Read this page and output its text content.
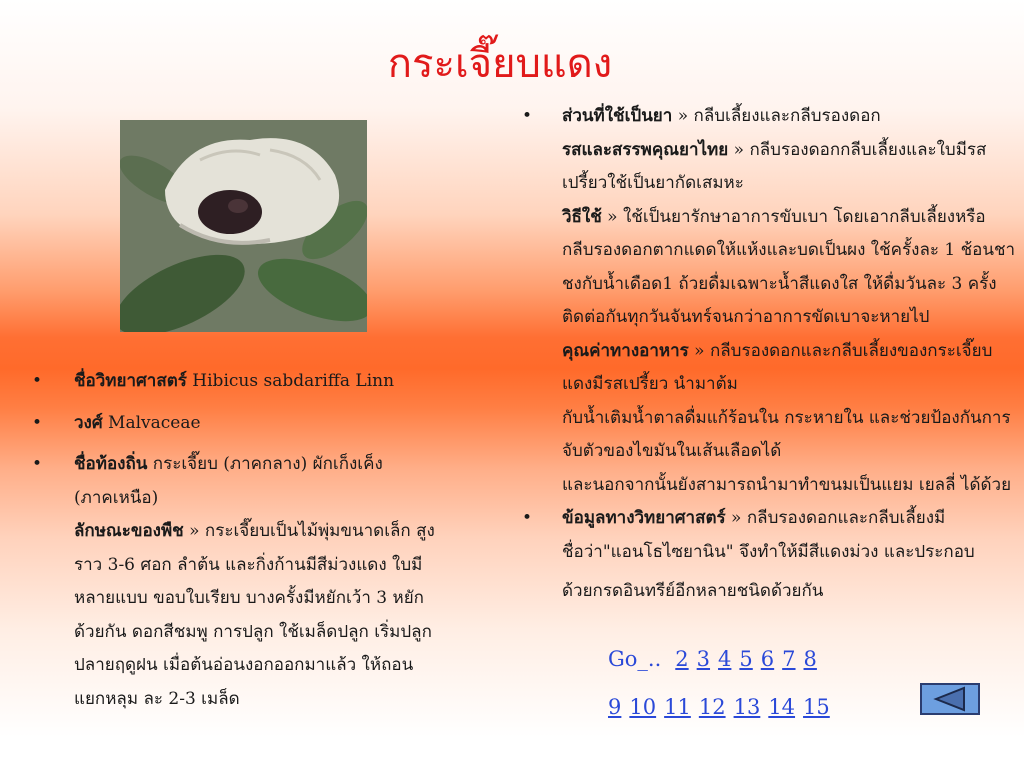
กระเจี๊ยบแดง
• ชื่อวิทยาศาสตร์ Hibicus sabdariffa Linn
• วงศ์ Malvaceae
• ชื่อท้องถิ่น กระเจี๊ยบ (ภาคกลาง) ผักเก็งเค็ง
(ภาคเหนือ)
ลักษณะของพืช » กระเจี๊ยบเป็นไม้พุ่มขนาดเล็ก สูง
ราว 3-6 ศอก ลำต้น และกิ่งก้านมีสีม่วงแดง ใบมี
หลายแบบ ขอบใบเรียบ บางครั้งมีหยักเว้า 3 หยัก
ด้วยกัน ดอกสีชมพู การปลูก ใช้เมล็ดปลูก เริ่มปลูก
ปลายฤดูฝน เมื่อต้นอ่อนงอกออกมาแล้ว ให้ถอน
แยกหลุม ละ 2-3 เมล็ด
• ส่วนที่ใช้เป็นยา » กลีบเลี้ยงและกลีบรองดอก
รสและสรรพคุณยาไทย » กลีบรองดอกกลีบเลี้ยงและใบมีรส
เปรี้ยวใช้เป็นยากัดเสมหะ
วิธีใช้ » ใช้เป็นยารักษาอาการขับเบา โดยเอากลีบเลี้ยงหรือ
กลีบรองดอกตากแดดให้แห้งและบดเป็นผง ใช้ครั้งละ 1 ช้อนชา
ชงกับน้ำเดือด1 ถ้วยดื่มเฉพาะน้ำสีแดงใส ให้ดื่มวันละ 3 ครั้ง
ติดต่อกันทุกวันจันทร์จนกว่าอาการขัดเบาจะหายไป
คุณค่าทางอาหาร » กลีบรองดอกและกลีบเลี้ยงของกระเจี๊ยบ
แดงมีรสเปรี้ยว นำมาต้ม
กับน้ำเติมน้ำตาลดื่มแก้ร้อนใน กระหายใน และช่วยป้องกันการ
จับตัวของไขมันในเส้นเลือดได้
และนอกจากนั้นยังสามารถนำมาทำขนมเป็นแยม เยลลี่ ได้ด้วย
• ข้อมูลทางวิทยาศาสตร์ » กลีบรองดอกและกลีบเลี้ยงมี
ชื่อว่า"แอนโธไซยานิน" จึงทำให้มีสีแดงม่วง และประกอบ
ด้วยกรดอินทรีย์อีกหลายชนิดด้วยกัน
Go_.. 2 3 4 5 6 7 8
9 10 11 12 13 14 15
